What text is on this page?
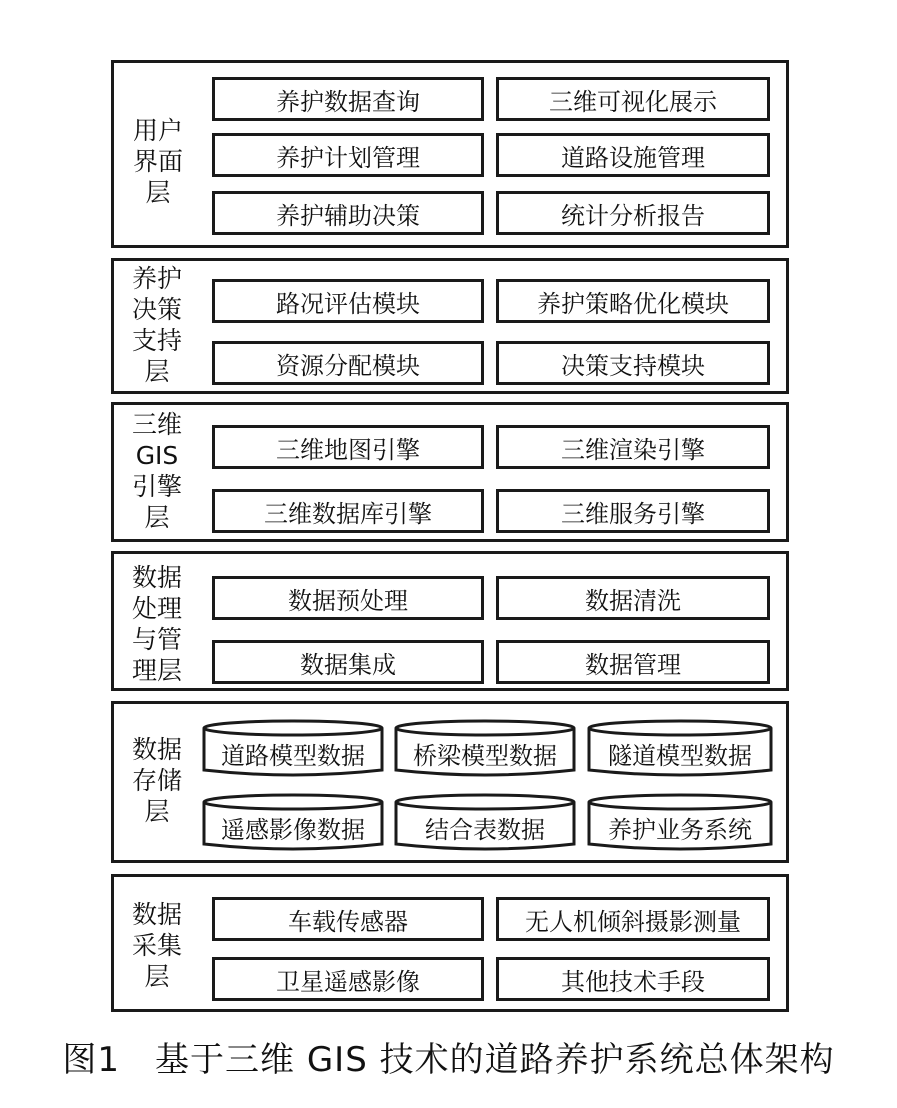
用户界面层
养护数据查询	三维可视化展示
养护计划管理	道路设施管理
养护辅助决策	统计分析报告
养护决策支持层
路况评估模块	养护策略优化模块
资源分配模块	决策支持模块
三维GIS引擎层
三维地图引擎	三维渲染引擎
三维数据库引擎	三维服务引擎
数据处理与管理层
数据预处理	数据清洗
数据集成	数据管理
数据存储层
道路模型数据	桥梁模型数据	隧道模型数据
遥感影像数据	结合表数据	养护业务系统
数据采集层
车载传感器	无人机倾斜摄影测量
卫星遥感影像	其他技术手段
图1　基于三维 GIS 技术的道路养护系统总体架构
